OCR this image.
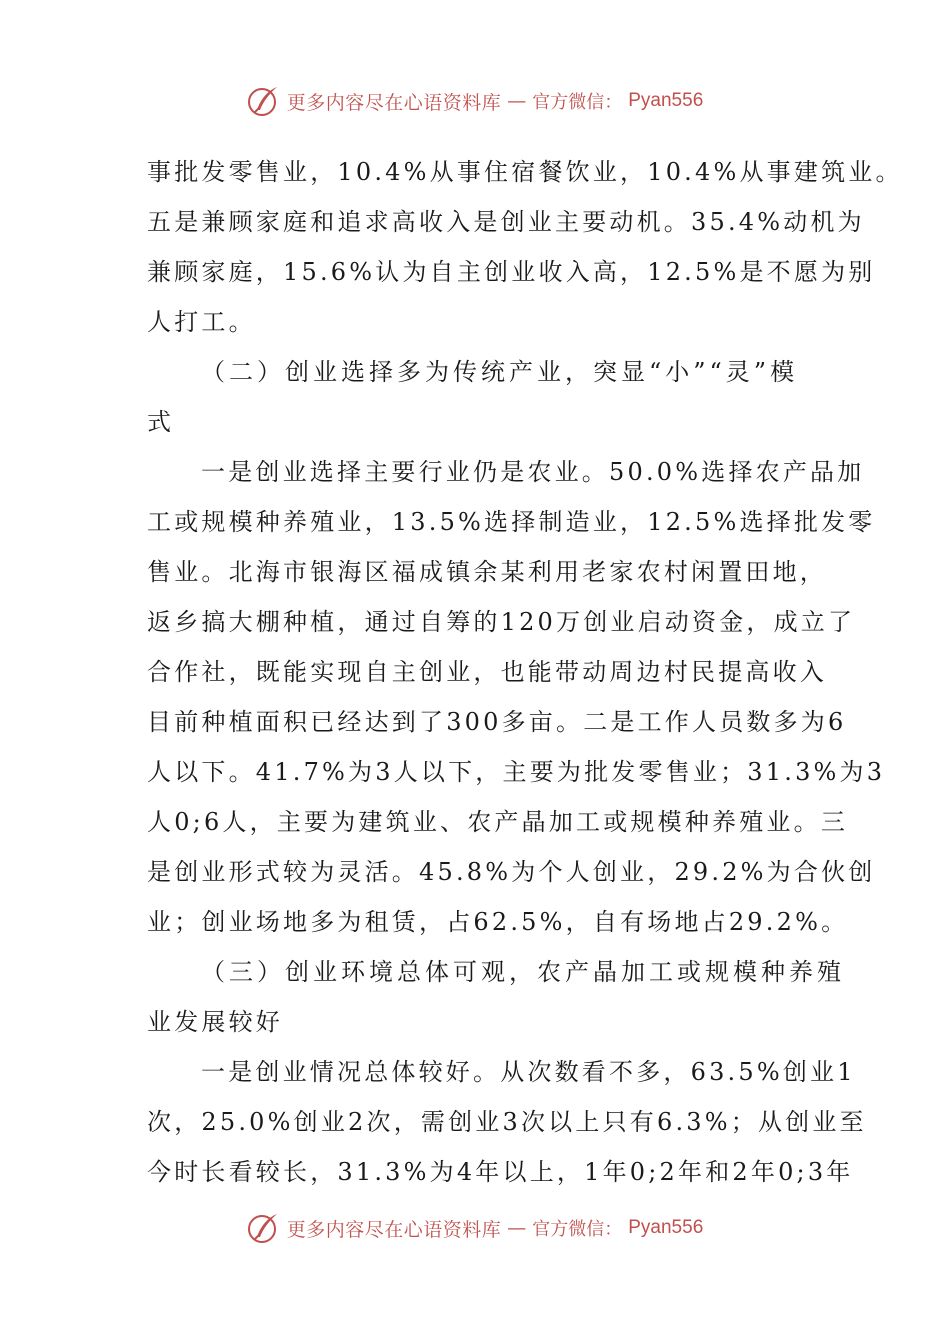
更多内容尽在心语资料库 — 官方微信： Pyan556
事批发零售业，10.4%从事住宿餐饮业，10.4%从事建筑业。
五是兼顾家庭和追求高收入是创业主要动机。35.4%动机为
兼顾家庭，15.6%认为自主创业收入高，12.5%是不愿为别
人打工。
（二）创业选择多为传统产业，突显“小”“灵”模
式
一是创业选择主要行业仍是农业。50.0%选择农产品加
工或规模种养殖业，13.5%选择制造业，12.5%选择批发零
售业。北海市银海区福成镇余某利用老家农村闲置田地，
返乡搞大棚种植，通过自筹的120万创业启动资金，成立了
合作社，既能实现自主创业，也能带动周边村民提高收入
目前种植面积已经达到了300多亩。二是工作人员数多为6
人以下。41.7%为3人以下，主要为批发零售业；31.3%为3
人0;6人，主要为建筑业、农产晶加工或规模种养殖业。三
是创业形式较为灵活。45.8%为个人创业，29.2%为合伙创
业；创业场地多为租赁，占62.5%，自有场地占29.2%。
（三）创业环境总体可观，农产晶加工或规模种养殖
业发展较好
一是创业情况总体较好。从次数看不多，63.5%创业1
次，25.0%创业2次，需创业3次以上只有6.3%；从创业至
今时长看较长，31.3%为4年以上，1年0;2年和2年0;3年
更多内容尽在心语资料库 — 官方微信： Pyan556
